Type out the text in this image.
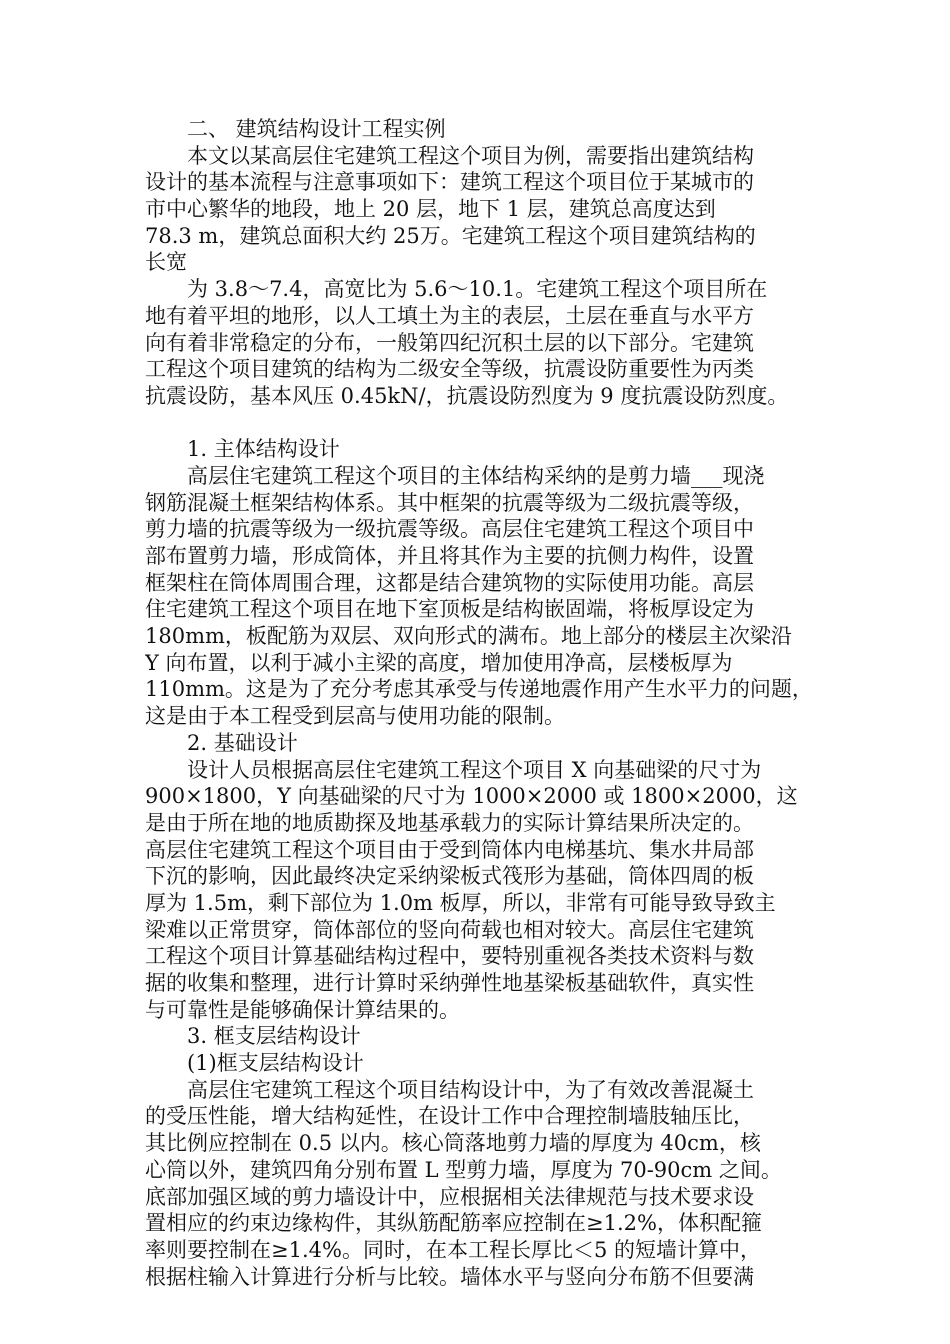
二、 建筑结构设计工程实例
本文以某高层住宅建筑工程这个项目为例，需要指出建筑结构
设计的基本流程与注意事项如下：建筑工程这个项目位于某城市的
市中心繁华的地段，地上 20 层，地下 1 层，建筑总高度达到
78.3 m，建筑总面积大约 25万。宅建筑工程这个项目建筑结构的
长宽
为 3.8～7.4，高宽比为 5.6～10.1。宅建筑工程这个项目所在
地有着平坦的地形，以人工填土为主的表层，土层在垂直与水平方
向有着非常稳定的分布，一般第四纪沉积土层的以下部分。宅建筑
工程这个项目建筑的结构为二级安全等级，抗震设防重要性为丙类
抗震设防，基本风压 0.45kN/，抗震设防烈度为 9 度抗震设防烈度。
1. 主体结构设计
高层住宅建筑工程这个项目的主体结构采纳的是剪力墙___现浇
钢筋混凝土框架结构体系。其中框架的抗震等级为二级抗震等级，
剪力墙的抗震等级为一级抗震等级。高层住宅建筑工程这个项目中
部布置剪力墙，形成筒体，并且将其作为主要的抗侧力构件，设置
框架柱在筒体周围合理，这都是结合建筑物的实际使用功能。高层
住宅建筑工程这个项目在地下室顶板是结构嵌固端，将板厚设定为
180mm，板配筋为双层、双向形式的满布。地上部分的楼层主次梁沿
Y 向布置，以利于减小主梁的高度，增加使用净高，层楼板厚为
110mm。这是为了充分考虑其承受与传递地震作用产生水平力的问题，
这是由于本工程受到层高与使用功能的限制。
2. 基础设计
设计人员根据高层住宅建筑工程这个项目 X 向基础梁的尺寸为
900×1800，Y 向基础梁的尺寸为 1000×2000 或 1800×2000，这
是由于所在地的地质勘探及地基承载力的实际计算结果所决定的。
高层住宅建筑工程这个项目由于受到筒体内电梯基坑、集水井局部
下沉的影响，因此最终决定采纳梁板式筏形为基础，筒体四周的板
厚为 1.5m，剩下部位为 1.0m 板厚，所以，非常有可能导致导致主
梁难以正常贯穿，筒体部位的竖向荷载也相对较大。高层住宅建筑
工程这个项目计算基础结构过程中，要特别重视各类技术资料与数
据的收集和整理，进行计算时采纳弹性地基梁板基础软件，真实性
与可靠性是能够确保计算结果的。
3. 框支层结构设计
(1)框支层结构设计
高层住宅建筑工程这个项目结构设计中，为了有效改善混凝土
的受压性能，增大结构延性，在设计工作中合理控制墙肢轴压比，
其比例应控制在 0.5 以内。核心筒落地剪力墙的厚度为 40cm，核
心筒以外，建筑四角分别布置 L 型剪力墙，厚度为 70-90cm 之间。
底部加强区域的剪力墙设计中，应根据相关法律规范与技术要求设
置相应的约束边缘构件，其纵筋配筋率应控制在≥1.2%，体积配箍
率则要控制在≥1.4%。同时，在本工程长厚比＜5 的短墙计算中，
根据柱输入计算进行分析与比较。墙体水平与竖向分布筋不但要满
